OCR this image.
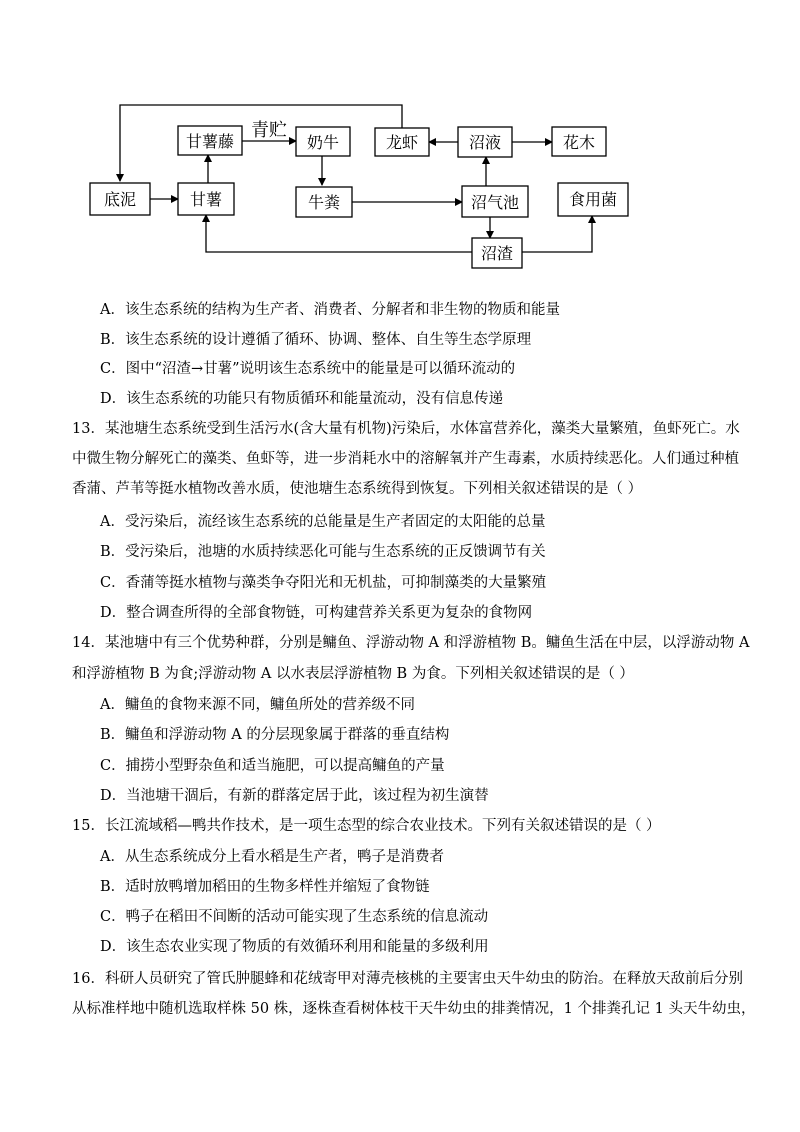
青贮
甘薯藤	奶牛	龙虾	沼液	花木
底泥	甘薯	牛粪	沼气池	食用菌
沼渣
A．该生态系统的结构为生产者、消费者、分解者和非生物的物质和能量
B．该生态系统的设计遵循了循环、协调、整体、自生等生态学原理
C．图中“沼渣→甘薯”说明该生态系统中的能量是可以循环流动的
D．该生态系统的功能只有物质循环和能量流动，没有信息传递
13．某池塘生态系统受到生活污水(含大量有机物)污染后，水体富营养化，藻类大量繁殖，鱼虾死亡。水
中微生物分解死亡的藻类、鱼虾等，进一步消耗水中的溶解氧并产生毒素，水质持续恶化。人们通过种植
香蒲、芦苇等挺水植物改善水质，使池塘生态系统得到恢复。下列相关叙述错误的是（ ）
A．受污染后，流经该生态系统的总能量是生产者固定的太阳能的总量
B．受污染后，池塘的水质持续恶化可能与生态系统的正反馈调节有关
C．香蒲等挺水植物与藻类争夺阳光和无机盐，可抑制藻类的大量繁殖
D．整合调查所得的全部食物链，可构建营养关系更为复杂的食物网
14．某池塘中有三个优势种群，分别是鳙鱼、浮游动物 A 和浮游植物 B。鳙鱼生活在中层，以浮游动物 A
和浮游植物 B 为食;浮游动物 A 以水表层浮游植物 B 为食。下列相关叙述错误的是（ ）
A．鳙鱼的食物来源不同，鳙鱼所处的营养级不同
B．鳙鱼和浮游动物 A 的分层现象属于群落的垂直结构
C．捕捞小型野杂鱼和适当施肥，可以提高鳙鱼的产量
D．当池塘干涸后，有新的群落定居于此，该过程为初生演替
15．长江流域稻—鸭共作技术，是一项生态型的综合农业技术。下列有关叙述错误的是（ ）
A．从生态系统成分上看水稻是生产者，鸭子是消费者
B．适时放鸭增加稻田的生物多样性并缩短了食物链
C．鸭子在稻田不间断的活动可能实现了生态系统的信息流动
D．该生态农业实现了物质的有效循环利用和能量的多级利用
16．科研人员研究了管氏肿腿蜂和花绒寄甲对薄壳核桃的主要害虫天牛幼虫的防治。在释放天敌前后分别
从标准样地中随机选取样株 50 株，逐株查看树体枝干天牛幼虫的排粪情况，1 个排粪孔记 1 头天牛幼虫，
